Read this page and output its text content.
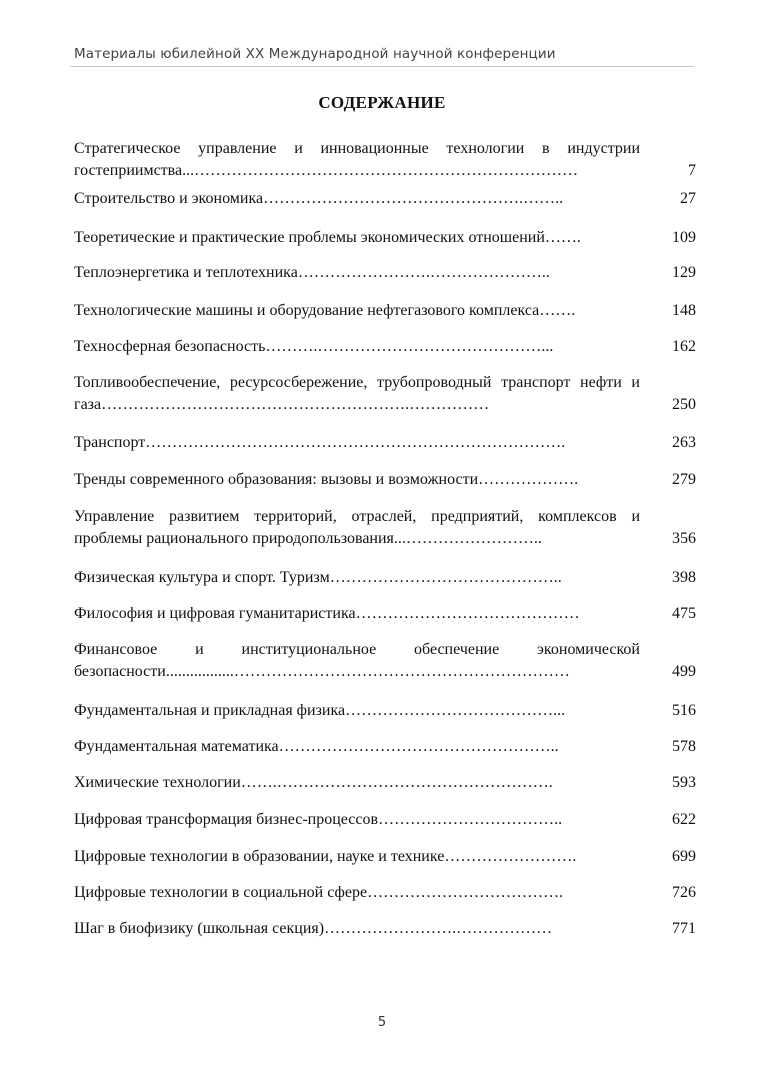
Материалы юбилейной XX Международной научной конференции
СОДЕРЖАНИЕ
Стратегическое управление и инновационные технологии в индустрии гостеприимства...………………………………………………………………	7
Строительство и экономика………………………………………….……..	27
Теоретические и практические проблемы экономических отношений…….	109
Теплоэнергетика и теплотехника…………………….…………………..	129
Технологические машины и оборудование нефтегазового комплекса…….	148
Техносферная безопасность……….……………………………………...	162
Топливообеспечение, ресурсосбережение, трубопроводный транспорт нефти и газа………………………………………………….……………	250
Транспорт…………………………………………………………………….	263
Тренды современного образования: вызовы и возможности……………….	279
Управление развитием территорий, отраслей, предприятий, комплексов и проблемы рационального природопользования...……………………..	356
Физическая культура и спорт. Туризм……………………………………..	398
Философия и цифровая гуманитаристика……………………………………	475
Финансовое и институциональное обеспечение экономической безопасности.................………………………………………………………	499
Фундаментальная и прикладная физика…………………………………...	516
Фундаментальная математика……………………………………………..	578
Химические технологии…….…………………………………………….	593
Цифровая трансформация бизнес-процессов……………………………..	622
Цифровые технологии в образовании, науке и технике…………………….	699
Цифровые технологии в социальной сфере……………………………….	726
Шаг в биофизику (школьная секция)…………………….………………	771
5
